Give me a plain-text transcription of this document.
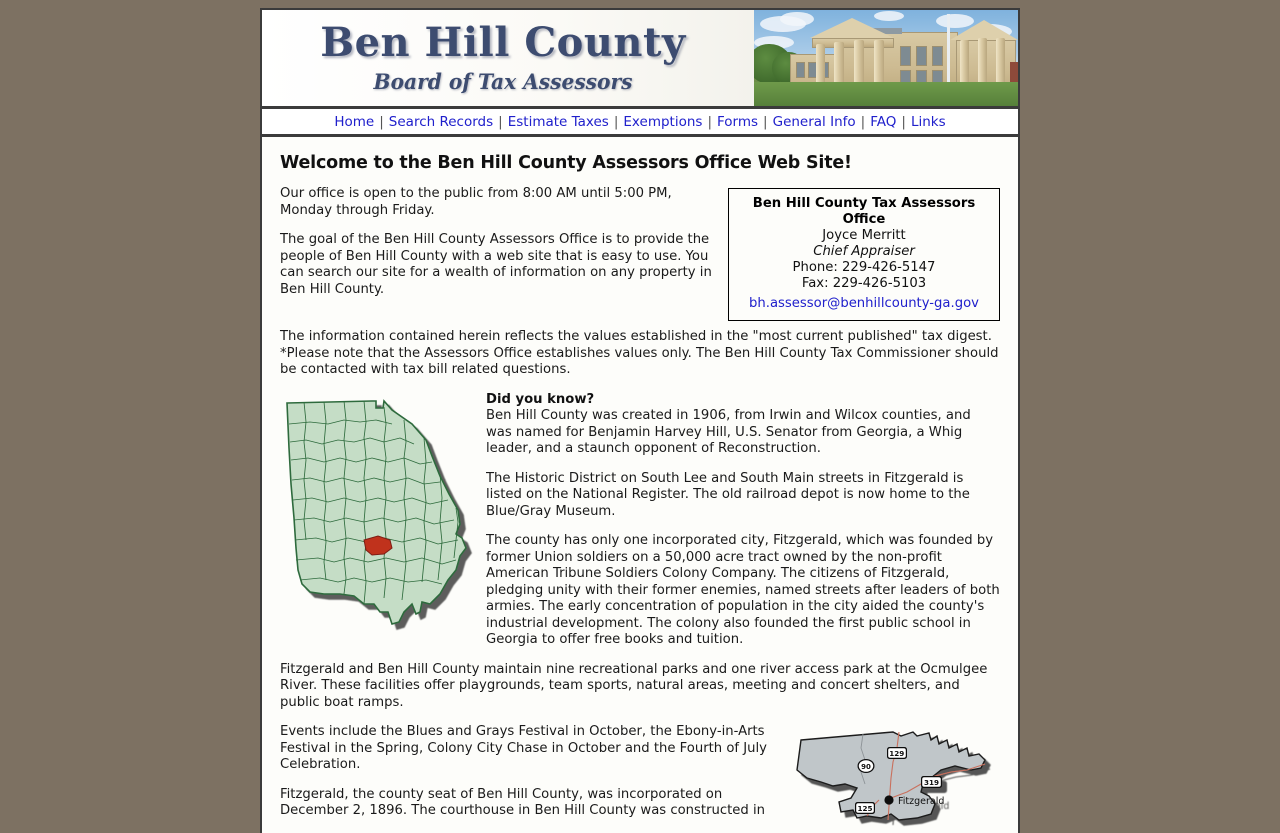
Ben Hill County
Board of Tax Assessors
Home | Search Records | Estimate Taxes | Exemptions | Forms | General Info | FAQ | Links
Welcome to the Ben Hill County Assessors Office Web Site!
Ben Hill County Tax Assessors Office
Joyce Merritt
Chief Appraiser
Phone: 229-426-5147
Fax: 229-426-5103
bh.assessor@benhillcounty-ga.gov

Our office is open to the public from 8:00 AM until 5:00 PM, Monday through Friday.

The goal of the Ben Hill County Assessors Office is to provide the people of Ben Hill County with a web site that is easy to use. You can search our site for a wealth of information on any property in Ben Hill County.

The information contained herein reflects the values established in the "most current published" tax digest. *Please note that the Assessors Office establishes values only. The Ben Hill County Tax Commissioner should be contacted with tax bill related questions.

Did you know?

Ben Hill County was created in 1906, from Irwin and Wilcox counties, and was named for Benjamin Harvey Hill, U.S. Senator from Georgia, a Whig leader, and a staunch opponent of Reconstruction.

The Historic District on South Lee and South Main streets in Fitzgerald is listed on the National Register. The old railroad depot is now home to the Blue/Gray Museum.

The county has only one incorporated city, Fitzgerald, which was founded by former Union soldiers on a 50,000 acre tract owned by the non-profit American Tribune Soldiers Colony Company. The citizens of Fitzgerald, pledging unity with their former enemies, named streets after leaders of both armies. The early concentration of population in the city aided the county's industrial development. The colony also founded the first public school in Georgia to offer free books and tuition.

Fitzgerald and Ben Hill County maintain nine recreational parks and one river access park at the Ocmulgee River. These facilities offer playgrounds, team sports, natural areas, meeting and concert shelters, and public boat ramps.

Fitzgerald
129
90
319
125

Events include the Blues and Grays Festival in October, the Ebony-in-Arts Festival in the Spring, Colony City Chase in October and the Fourth of July Celebration.

Fitzgerald, the county seat of Ben Hill County, was incorporated on December 2, 1896. The courthouse in Ben Hill County was constructed in
